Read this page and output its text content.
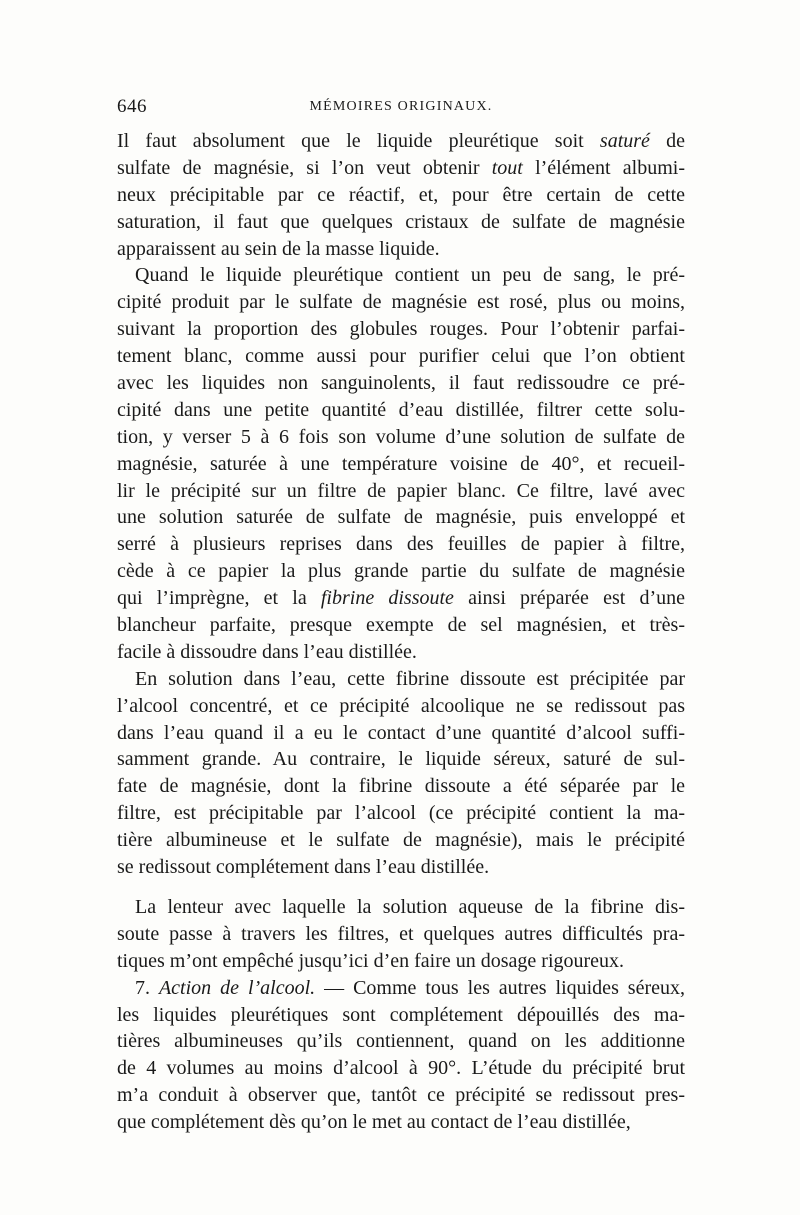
646	MÉMOIRES ORIGINAUX.
Il faut absolument que le liquide pleurétique soit saturé de
sulfate de magnésie, si l’on veut obtenir tout l’élément albumi-
neux précipitable par ce réactif, et, pour être certain de cette
saturation, il faut que quelques cristaux de sulfate de magnésie
apparaissent au sein de la masse liquide.
Quand le liquide pleurétique contient un peu de sang, le pré-
cipité produit par le sulfate de magnésie est rosé, plus ou moins,
suivant la proportion des globules rouges. Pour l’obtenir parfai-
tement blanc, comme aussi pour purifier celui que l’on obtient
avec les liquides non sanguinolents, il faut redissoudre ce pré-
cipité dans une petite quantité d’eau distillée, filtrer cette solu-
tion, y verser 5 à 6 fois son volume d’une solution de sulfate de
magnésie, saturée à une température voisine de 40°, et recueil-
lir le précipité sur un filtre de papier blanc. Ce filtre, lavé avec
une solution saturée de sulfate de magnésie, puis enveloppé et
serré à plusieurs reprises dans des feuilles de papier à filtre,
cède à ce papier la plus grande partie du sulfate de magnésie
qui l’imprègne, et la fibrine dissoute ainsi préparée est d’une
blancheur parfaite, presque exempte de sel magnésien, et très-
facile à dissoudre dans l’eau distillée.
En solution dans l’eau, cette fibrine dissoute est précipitée par
l’alcool concentré, et ce précipité alcoolique ne se redissout pas
dans l’eau quand il a eu le contact d’une quantité d’alcool suffi-
samment grande. Au contraire, le liquide séreux, saturé de sul-
fate de magnésie, dont la fibrine dissoute a été séparée par le
filtre, est précipitable par l’alcool (ce précipité contient la ma-
tière albumineuse et le sulfate de magnésie), mais le précipité
se redissout complétement dans l’eau distillée.
La lenteur avec laquelle la solution aqueuse de la fibrine dis-
soute passe à travers les filtres, et quelques autres difficultés pra-
tiques m’ont empêché jusqu’ici d’en faire un dosage rigoureux.
7. Action de l’alcool. — Comme tous les autres liquides séreux,
les liquides pleurétiques sont complétement dépouillés des ma-
tières albumineuses qu’ils contiennent, quand on les additionne
de 4 volumes au moins d’alcool à 90°. L’étude du précipité brut
m’a conduit à observer que, tantôt ce précipité se redissout pres-
que complétement dès qu’on le met au contact de l’eau distillée,
